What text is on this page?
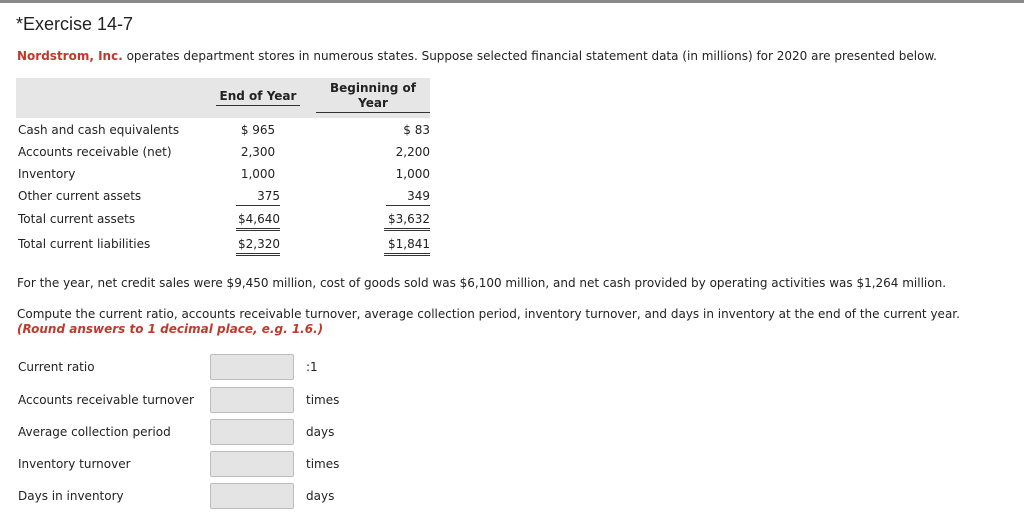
*Exercise 14-7
Nordstrom, Inc. operates department stores in numerous states. Suppose selected financial statement data (in millions) for 2020 are presented below.
End of Year
Beginning of Year
Cash and cash equivalents	$ 965	$ 83
Accounts receivable (net)	2,300	2,200
Inventory	1,000	1,000
Other current assets	375	349
Total current assets	$4,640	$3,632
Total current liabilities	$2,320	$1,841
For the year, net credit sales were $9,450 million, cost of goods sold was $6,100 million, and net cash provided by operating activities was $1,264 million.
Compute the current ratio, accounts receivable turnover, average collection period, inventory turnover, and days in inventory at the end of the current year.
(Round answers to 1 decimal place, e.g. 1.6.)
Current ratio	:1
Accounts receivable turnover	times
Average collection period	days
Inventory turnover	times
Days in inventory	days
